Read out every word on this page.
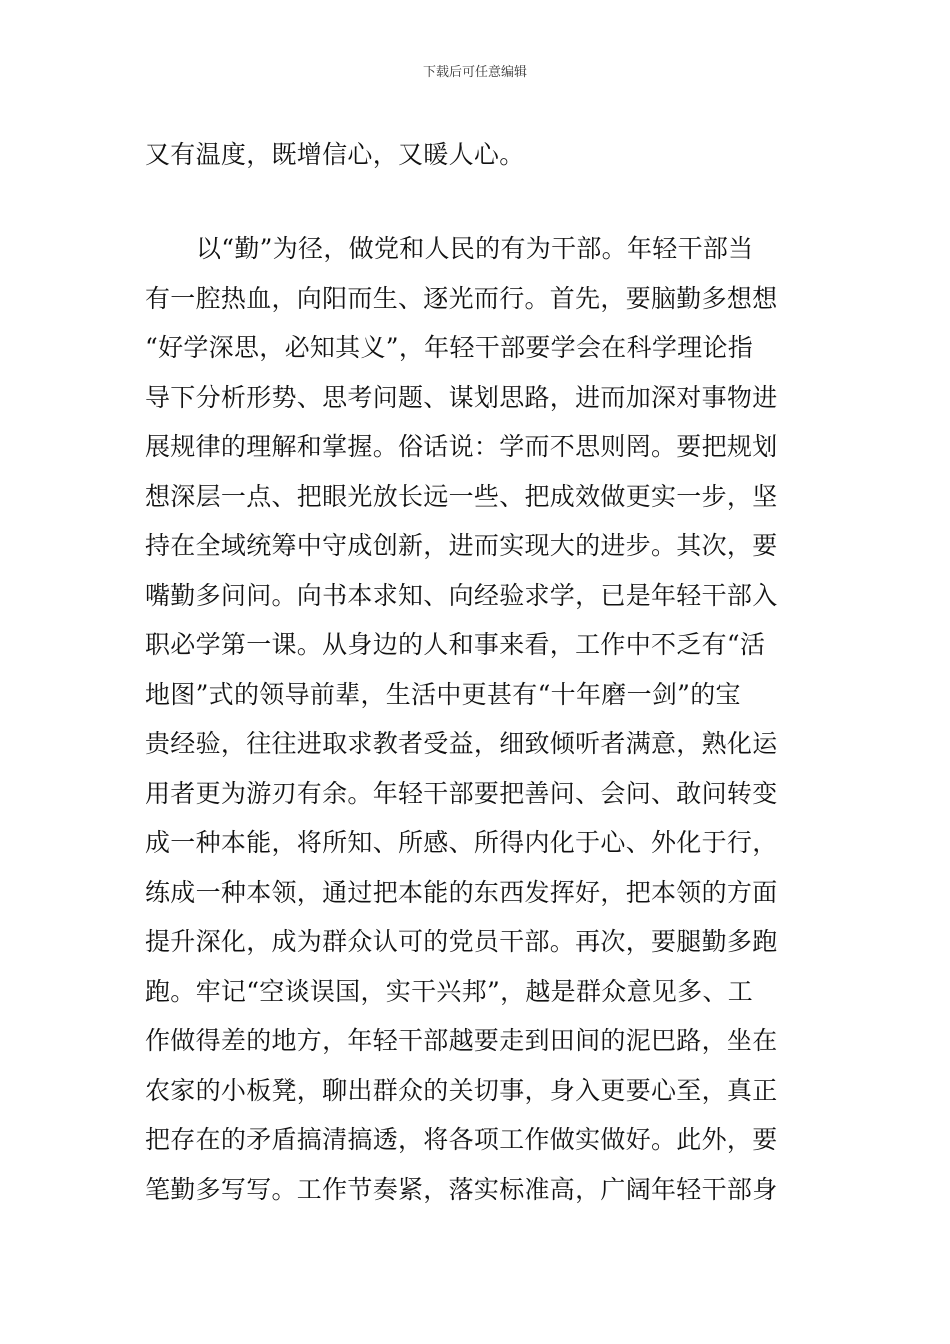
下载后可任意编辑
又有温度，既增信心，又暖人心。
以“勤”为径，做党和人民的有为干部。年轻干部当
有一腔热血，向阳而生、逐光而行。首先，要脑勤多想想
“好学深思，必知其义”，年轻干部要学会在科学理论指
导下分析形势、思考问题、谋划思路，进而加深对事物进
展规律的理解和掌握。俗话说：学而不思则罔。要把规划
想深层一点、把眼光放长远一些、把成效做更实一步，坚
持在全域统筹中守成创新，进而实现大的进步。其次，要
嘴勤多问问。向书本求知、向经验求学，已是年轻干部入
职必学第一课。从身边的人和事来看，工作中不乏有“活
地图”式的领导前辈，生活中更甚有“十年磨一剑”的宝
贵经验，往往进取求教者受益，细致倾听者满意，熟化运
用者更为游刃有余。年轻干部要把善问、会问、敢问转变
成一种本能，将所知、所感、所得内化于心、外化于行，
练成一种本领，通过把本能的东西发挥好，把本领的方面
提升深化，成为群众认可的党员干部。再次，要腿勤多跑
跑。牢记“空谈误国，实干兴邦”，越是群众意见多、工
作做得差的地方，年轻干部越要走到田间的泥巴路，坐在
农家的小板凳，聊出群众的关切事，身入更要心至，真正
把存在的矛盾搞清搞透，将各项工作做实做好。此外，要
笔勤多写写。工作节奏紧，落实标准高，广阔年轻干部身
